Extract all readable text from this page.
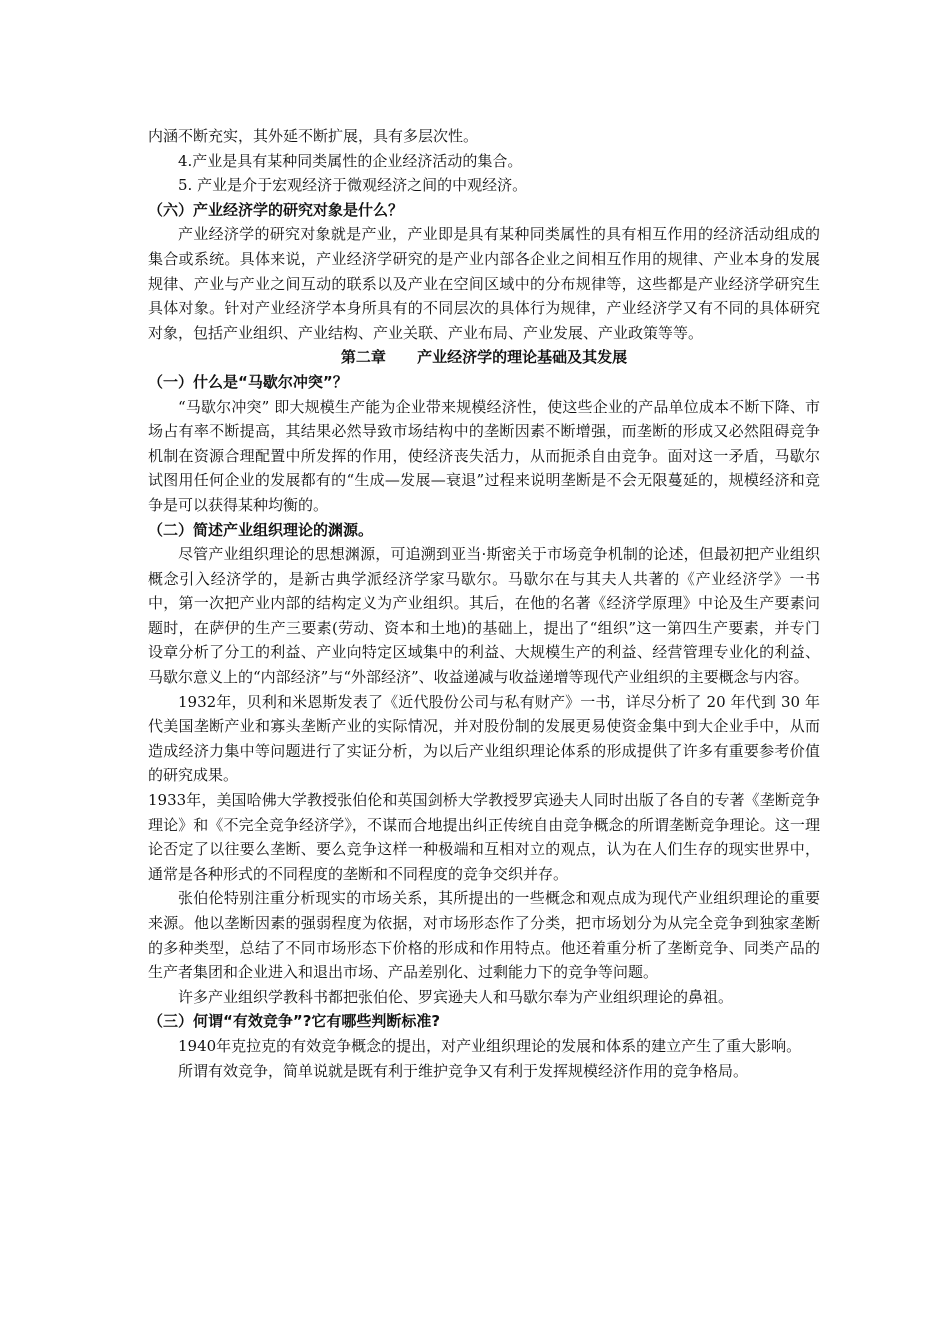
内涵不断充实，其外延不断扩展，具有多层次性。

4.产业是具有某种同类属性的企业经济活动的集合。

5. 产业是介于宏观经济于微观经济之间的中观经济。

（六）产业经济学的研究对象是什么？

产业经济学的研究对象就是产业，产业即是具有某种同类属性的具有相互作用的经济活动组成的集合或系统。具体来说，产业经济学研究的是产业内部各企业之间相互作用的规律、产业本身的发展规律、产业与产业之间互动的联系以及产业在空间区域中的分布规律等，这些都是产业经济学研究生具体对象。针对产业经济学本身所具有的不同层次的具体行为规律，产业经济学又有不同的具体研究对象，包括产业组织、产业结构、产业关联、产业布局、产业发展、产业政策等等。

第二章      产业经济学的理论基础及其发展

（一）什么是“马歇尔冲突”？

“马歇尔冲突” 即大规模生产能为企业带来规模经济性，使这些企业的产品单位成本不断下降、市场占有率不断提高，其结果必然导致市场结构中的垄断因素不断增强，而垄断的形成又必然阻碍竞争机制在资源合理配置中所发挥的作用，使经济丧失活力，从而扼杀自由竞争。面对这一矛盾，马歇尔试图用任何企业的发展都有的“生成—发展—衰退”过程来说明垄断是不会无限蔓延的，规模经济和竞争是可以获得某种均衡的。

（二）简述产业组织理论的渊源。

尽管产业组织理论的思想渊源，可追溯到亚当·斯密关于市场竞争机制的论述，但最初把产业组织概念引入经济学的，是新古典学派经济学家马歇尔。马歇尔在与其夫人共著的《产业经济学》一书中，第一次把产业内部的结构定义为产业组织。其后，在他的名著《经济学原理》中论及生产要素问题时，在萨伊的生产三要素(劳动、资本和土地)的基础上，提出了“组织”这一第四生产要素，并专门设章分析了分工的利益、产业向特定区域集中的利益、大规模生产的利益、经营管理专业化的利益、马歇尔意义上的“内部经济”与“外部经济”、收益递减与收益递增等现代产业组织的主要概念与内容。

1932年，贝利和米恩斯发表了《近代股份公司与私有财产》一书，详尽分析了 20 年代到 30 年代美国垄断产业和寡头垄断产业的实际情况，并对股份制的发展更易使资金集中到大企业手中，从而造成经济力集中等问题进行了实证分析，为以后产业组织理论体系的形成提供了许多有重要参考价值的研究成果。

1933年，美国哈佛大学教授张伯伦和英国剑桥大学教授罗宾逊夫人同时出版了各自的专著《垄断竞争理论》和《不完全竞争经济学》，不谋而合地提出纠正传统自由竞争概念的所谓垄断竞争理论。这一理论否定了以往要么垄断、要么竞争这样一种极端和互相对立的观点，认为在人们生存的现实世界中，通常是各种形式的不同程度的垄断和不同程度的竞争交织并存。

张伯伦特别注重分析现实的市场关系，其所提出的一些概念和观点成为现代产业组织理论的重要来源。他以垄断因素的强弱程度为依据，对市场形态作了分类，把市场划分为从完全竞争到独家垄断的多种类型，总结了不同市场形态下价格的形成和作用特点。他还着重分析了垄断竞争、同类产品的生产者集团和企业进入和退出市场、产品差别化、过剩能力下的竞争等问题。

许多产业组织学教科书都把张伯伦、罗宾逊夫人和马歇尔奉为产业组织理论的鼻祖。

（三）何谓“有效竞争”?它有哪些判断标准?

1940年克拉克的有效竞争概念的提出，对产业组织理论的发展和体系的建立产生了重大影响。

所谓有效竞争，简单说就是既有利于维护竞争又有利于发挥规模经济作用的竞争格局。
